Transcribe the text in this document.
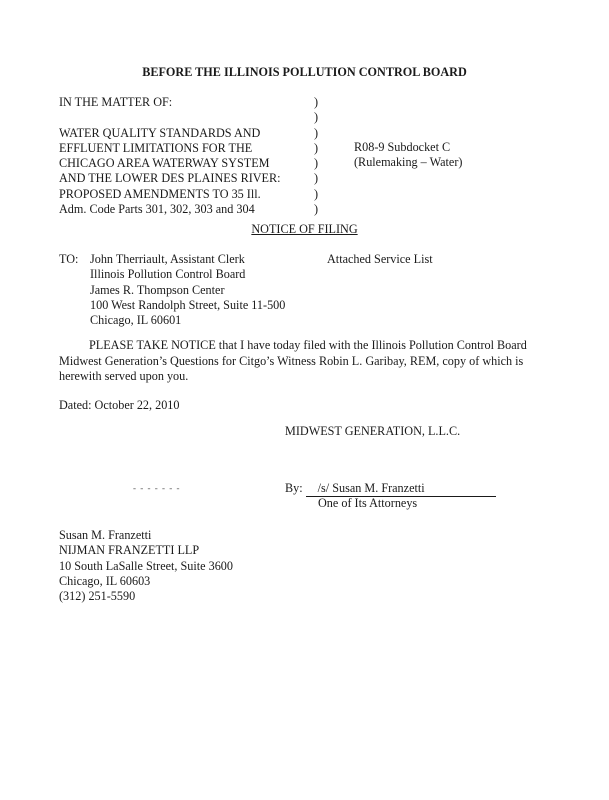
BEFORE THE ILLINOIS POLLUTION CONTROL BOARD
IN THE MATTER OF:
WATER QUALITY STANDARDS AND
EFFLUENT LIMITATIONS FOR THE
CHICAGO AREA WATERWAY SYSTEM
AND THE LOWER DES PLAINES RIVER:
PROPOSED AMENDMENTS TO 35 Ill.
Adm. Code Parts 301, 302, 303 and 304
)
)
)
)
)
)
)
)
R08-9 Subdocket C
(Rulemaking – Water)
NOTICE OF FILING
TO: John Therriault, Assistant Clerk
Illinois Pollution Control Board
James R. Thompson Center
100 West Randolph Street, Suite 11-500
Chicago, IL 60601
Attached Service List

PLEASE TAKE NOTICE that I have today filed with the Illinois Pollution Control Board Midwest Generation’s Questions for Citgo’s Witness Robin L. Garibay, REM, copy of which is herewith served upon you.

Dated: October 22, 2010
MIDWEST GENERATION, L.L.C.
- - - - - - -	By: /s/ Susan M. Franzetti
One of Its Attorneys
Susan M. Franzetti
NIJMAN FRANZETTI LLP
10 South LaSalle Street, Suite 3600
Chicago, IL 60603
(312) 251-5590
